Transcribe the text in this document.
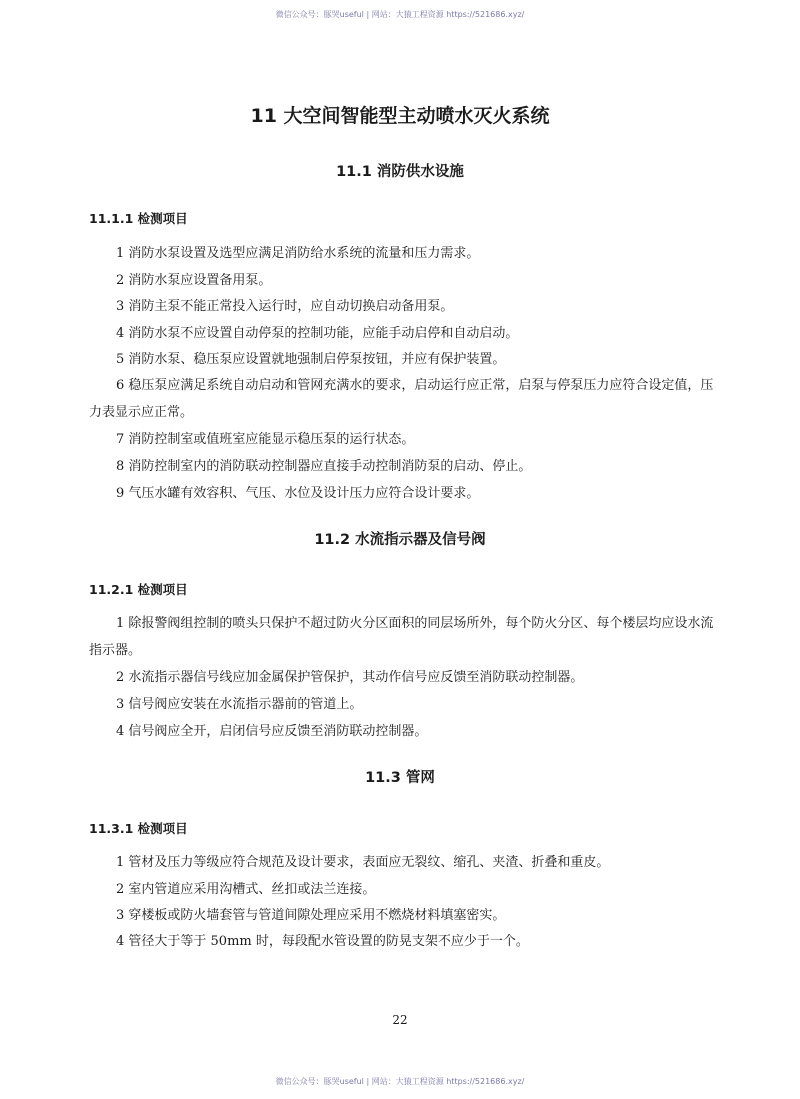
微信公众号：豚哭useful | 网站：大猿工程资源 https://521686.xyz/
11 大空间智能型主动喷水灭火系统
11.1 消防供水设施
11.1.1 检测项目

1 消防水泵设置及选型应满足消防给水系统的流量和压力需求。

2 消防水泵应设置备用泵。

3 消防主泵不能正常投入运行时，应自动切换启动备用泵。

4 消防水泵不应设置自动停泵的控制功能，应能手动启停和自动启动。

5 消防水泵、稳压泵应设置就地强制启停泵按钮，并应有保护装置。

6 稳压泵应满足系统自动启动和管网充满水的要求，启动运行应正常，启泵与停泵压力应符合设定值，压力表显示应正常。

7 消防控制室或值班室应能显示稳压泵的运行状态。

8 消防控制室内的消防联动控制器应直接手动控制消防泵的启动、停止。

9 气压水罐有效容积、气压、水位及设计压力应符合设计要求。

11.2 水流指示器及信号阀
11.2.1 检测项目

1 除报警阀组控制的喷头只保护不超过防火分区面积的同层场所外，每个防火分区、每个楼层均应设水流指示器。

2 水流指示器信号线应加金属保护管保护，其动作信号应反馈至消防联动控制器。

3 信号阀应安装在水流指示器前的管道上。

4 信号阀应全开，启闭信号应反馈至消防联动控制器。

11.3 管网
11.3.1 检测项目

1 管材及压力等级应符合规范及设计要求，表面应无裂纹、缩孔、夹渣、折叠和重皮。

2 室内管道应采用沟槽式、丝扣或法兰连接。

3 穿楼板或防火墙套管与管道间隙处理应采用不燃烧材料填塞密实。

4 管径大于等于 50mm 时，每段配水管设置的防晃支架不应少于一个。

22
微信公众号：豚哭useful | 网站：大猿工程资源 https://521686.xyz/
